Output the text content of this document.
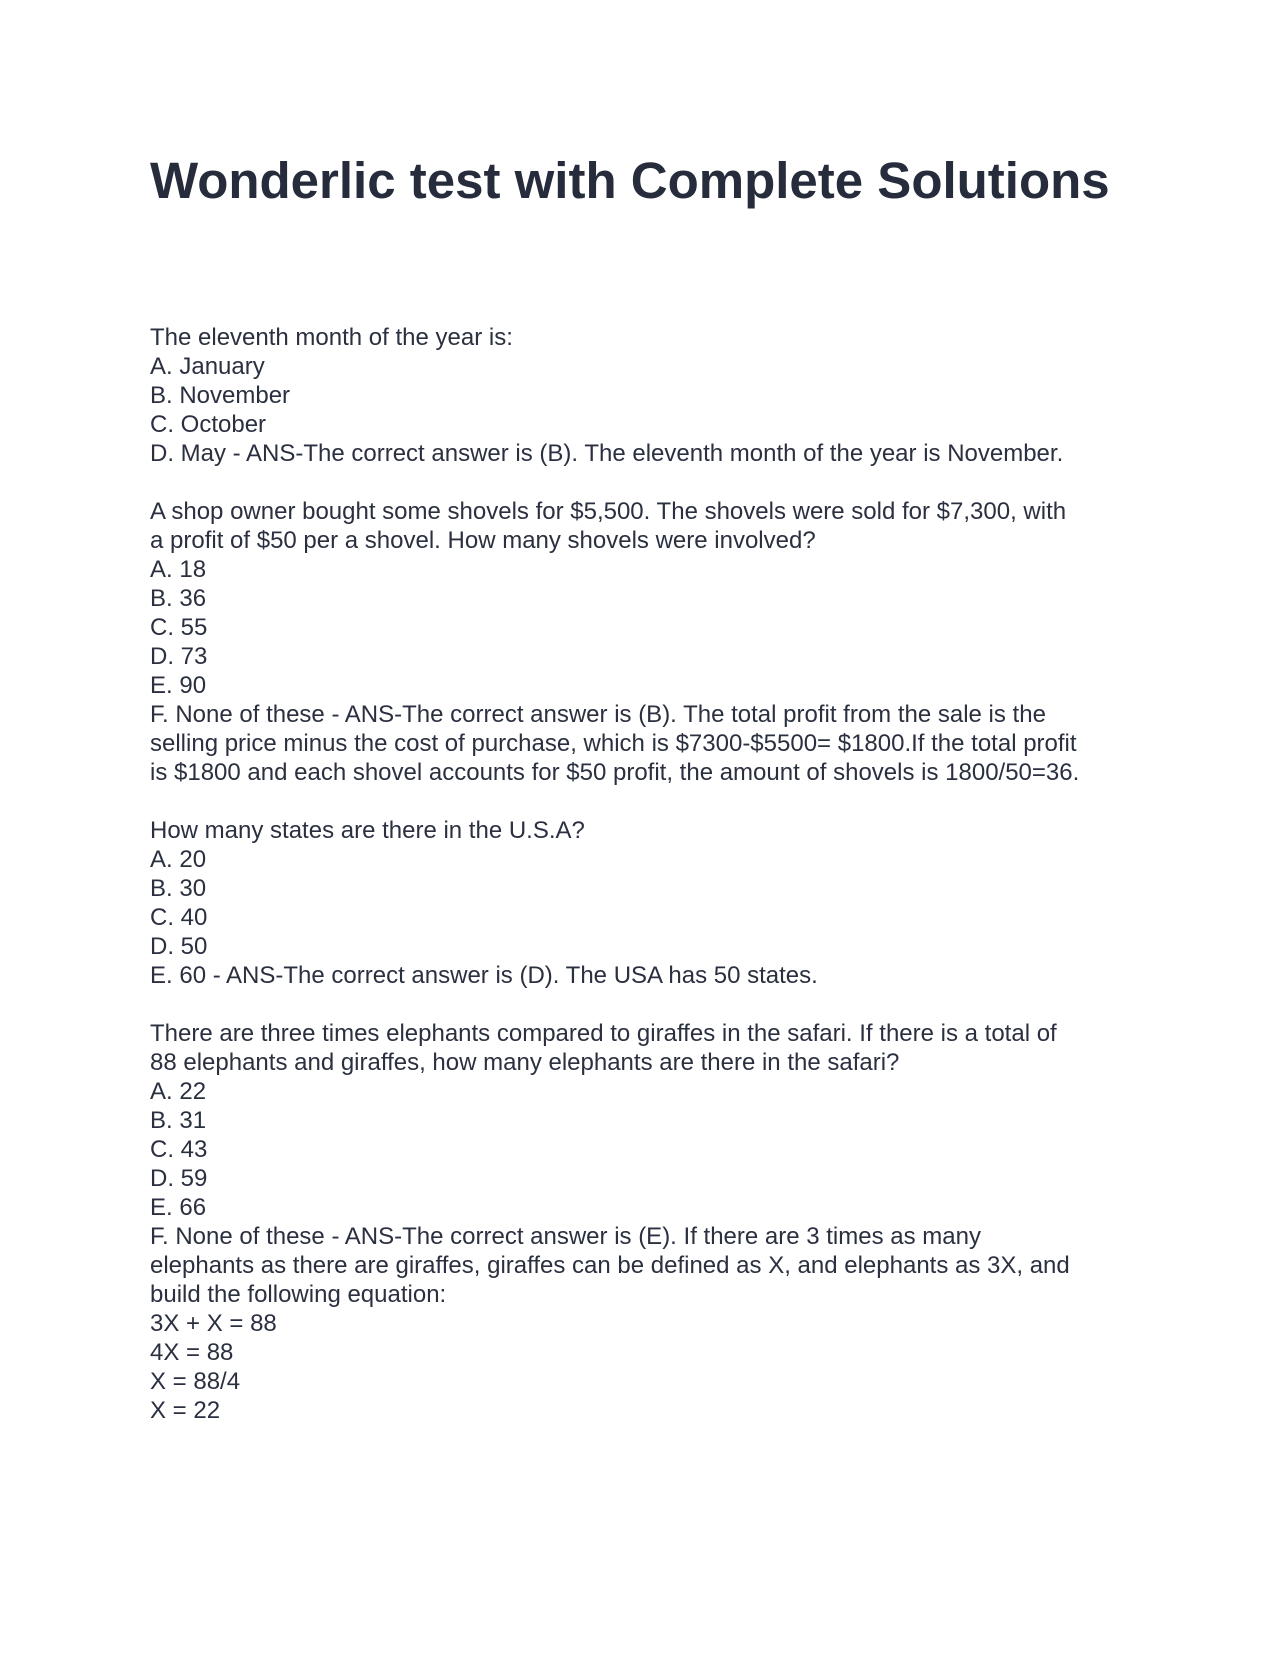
Wonderlic test with Complete Solutions
The eleventh month of the year is:
A. January
B. November
C. October
D. May - ANS-The correct answer is (B). The eleventh month of the year is November.
A shop owner bought some shovels for $5,500. The shovels were sold for $7,300, with
a profit of $50 per a shovel. How many shovels were involved?
A. 18
B. 36
C. 55
D. 73
E. 90
F. None of these - ANS-The correct answer is (B). The total profit from the sale is the
selling price minus the cost of purchase, which is $7300-$5500= $1800.If the total profit
is $1800 and each shovel accounts for $50 profit, the amount of shovels is 1800/50=36.
How many states are there in the U.S.A?
A. 20
B. 30
C. 40
D. 50
E. 60 - ANS-The correct answer is (D). The USA has 50 states.
There are three times elephants compared to giraffes in the safari. If there is a total of
88 elephants and giraffes, how many elephants are there in the safari?
A. 22
B. 31
C. 43
D. 59
E. 66
F. None of these - ANS-The correct answer is (E). If there are 3 times as many
elephants as there are giraffes, giraffes can be defined as X, and elephants as 3X, and
build the following equation:
3X + X = 88
4X = 88
X = 88/4
X = 22
